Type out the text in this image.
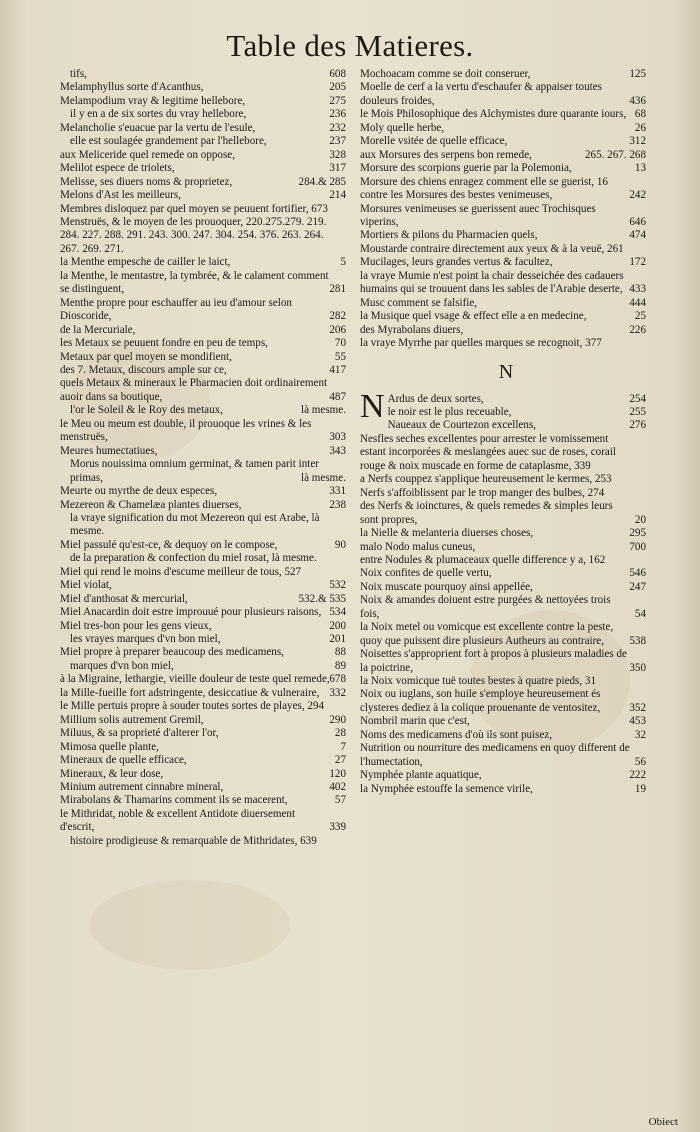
Table des Matieres.
tifs,	608
Melamphyllus sorte d'Acanthus,	205
Melampodium vray & legitime hellebore,	275
il y en a de six sortes du vray hellebore,	236
Melancholie s'euacue par la vertu de l'esule,	232
elle est soulagée grandement par l'hellebore,	237
aux Meliceride quel remede on oppose,	328
Melilot espece de triolets,	317
Melisse, ses diuers noms & proprietez,	284.& 285
Melons d'Ast les meilleurs,	214
Membres disloquez par quel moyen se peuuent fortifier, 673
Menstruës, & le moyen de les prouoquer, 220.275.279. 219. 284. 227. 288. 291. 243. 300. 247. 304. 254. 376. 263. 264. 267. 269. 271.
la Menthe empesche de cailler le laict,	5
la Menthe, le mentastre, la tymbrée, & le calament comment se distinguent,	281
Menthe propre pour eschauffer au ieu d'amour selon Dioscoride,	282
de la Mercuriale,	206
les Metaux se peuuent fondre en peu de temps,	70
Metaux par quel moyen se mondifient,	55
des 7. Metaux, discours ample sur ce,	417
quels Metaux & mineraux le Pharmacien doit ordinairement auoir dans sa boutique,	487
l'or le Soleil & le Roy des metaux,	là mesme.
le Meu ou meum est double, il prouoque les vrines & les menstruës,	303
Meures humectatiues,	343
Morus nouissima omnium germinat, & tamen parit inter primas,	là mesme.
Meurte ou myrthe de deux especes,	331
Mezereon & Chamelæa plantes diuerses,	238
la vraye signification du mot Mezereon qui est Arabe, là mesme.
Miel passulé qu'est-ce, & dequoy on le compose,	90
de la preparation & confection du miel rosat, là mesme.
Miel qui rend le moins d'escume meilleur de tous, 527
Miel violat,	532
Miel d'anthosat & mercurial,	532.& 535
Miel Anacardin doit estre improuué pour plusieurs raisons, 534
Miel tres-bon pour les gens vieux,	200
les vrayes marques d'vn bon miel,	201
Miel propre à preparer beaucoup des medicamens,	88
marques d'vn bon miel,	89
à la Migraine, lethargie, vieille douleur de teste quel remede, 678
la Mille-fueille fort adstringente, desiccatiue & vulneraire, 332
le Mille pertuis propre à souder toutes sortes de playes, 294
Millium solis autrement Gremil,	290
Miluus, & sa proprieté d'alterer l'or,	28
Mimosa quelle plante,	7
Mineraux de quelle efficace,	27
Mineraux, & leur dose,	120
Minium autrement cinnabre mineral,	402
Mirabolans & Thamarins comment ils se macerent,	57
le Mithridat, noble & excellent Antidote diuersement d'escrit,	339
histoire prodigieuse & remarquable de Mithridates, 639
Mochoacam comme se doit conseruer,	125
Moelle de cerf a la vertu d'eschaufer & appaiser toutes douleurs froides,	436
le Mois Philosophique des Alchymistes dure quarante iours, 68
Moly quelle herbe,	26
Morelle vsitée de quelle efficace,	312
aux Morsures des serpens bon remede,	265. 267. 268
Morsure des scorpions guerie par la Polemonia,	13
Morsure des chiens enragez comment elle se guerist, 16
contre les Morsures des bestes venimeuses,	242
Morsures venimeuses se guerissent auec Trochisques viperins,	646
Mortiers & pilons du Pharmacien quels,	474
Moustarde contraire directement aux yeux & à la veuë, 261
Mucilages, leurs grandes vertus & facultez,	172
la vraye Mumie n'est point la chair desseichée des cadauers humains qui se trouuent dans les sables de l'Arabie deserte, 433
Musc comment se falsifie,	444
la Musique quel vsage & effect elle a en medecine,	25
des Myrabolans diuers,	226
la vraye Myrrhe par quelles marques se recognoit, 377
N
N Ardus de deux sortes,	254
le noir est le plus receuable,	255
Naueaux de Courtezon excellens,	276
Nesfles seches excellentes pour arrester le vomissement estant incorporées & meslangées auec suc de roses, corail rouge & noix muscade en forme de cataplasme, 339
a Nerfs couppez s'applique heureusement le kermes, 253
Nerfs s'affoiblissent par le trop manger des bulbes, 274
des Nerfs & ioinctures, & quels remedes & simples leurs sont propres,	20
la Nielle & melanteria diuerses choses,	295
malo Nodo malus cuneus,	700
entre Nodules & plumaceaux quelle difference y a, 162
Noix confites de quelle vertu,	546
Noix muscate pourquoy ainsi appellée,	247
Noix & amandes doiuent estre purgées & nettoyées trois fois,	54
la Noix metel ou vomicque est excellente contre la peste, quoy que puissent dire plusieurs Autheurs au contraire, 538
Noisettes s'approprient fort à propos à plusieurs maladies de la poictrine,	350
la Noix vomicque tuë toutes bestes à quatre pieds, 31
Noix ou iuglans, son huile s'employe heureusement és clysteres dediez à la colique prouenante de ventositez,	352
Nombril marin que c'est,	453
Noms des medicamens d'où ils sont puisez,	32
Nutrition ou nourriture des medicamens en quoy different de l'humectation,	56
Nymphée plante aquatique,	222
la Nymphée estouffe la semence virile,	19
Obiect
